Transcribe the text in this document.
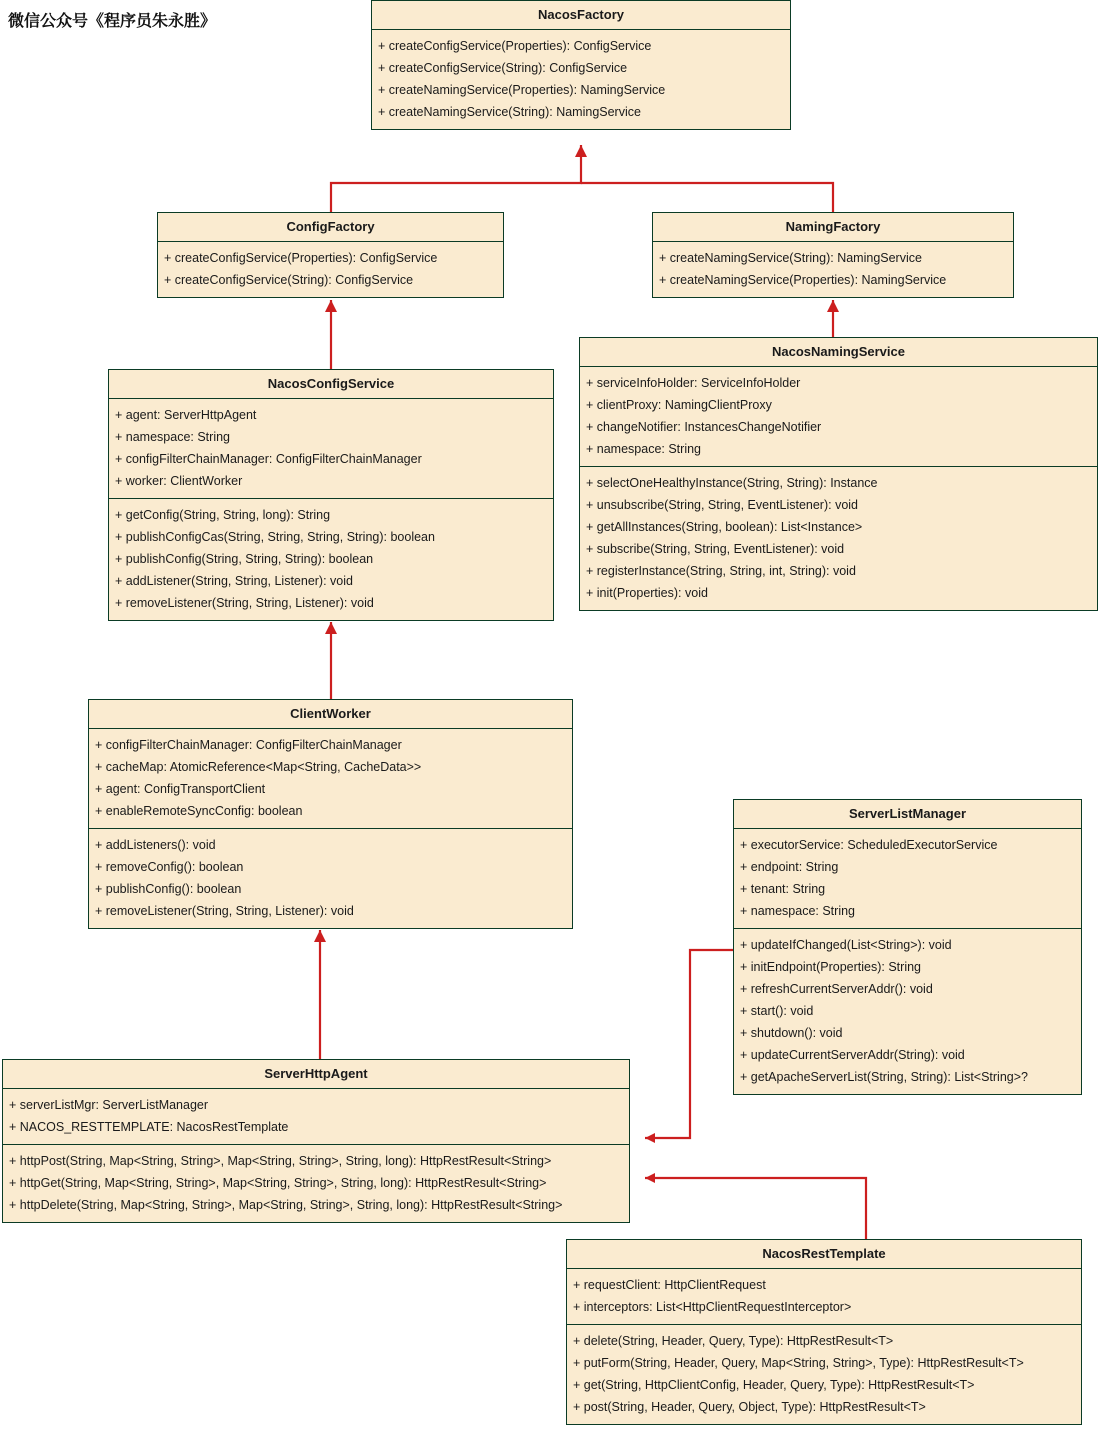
微信公众号《程序员朱永胜》	NacosFactory
+ createConfigService(Properties): ConfigService
+ createConfigService(String): ConfigService
+ createNamingService(Properties): NamingService
+ createNamingService(String): NamingService
ConfigFactory
+ createConfigService(Properties): ConfigService
+ createConfigService(String): ConfigService
NamingFactory
+ createNamingService(String): NamingService
+ createNamingService(Properties): NamingService
NacosConfigService
+ agent: ServerHttpAgent
+ namespace: String
+ configFilterChainManager: ConfigFilterChainManager
+ worker: ClientWorker
+ getConfig(String, String, long): String
+ publishConfigCas(String, String, String, String): boolean
+ publishConfig(String, String, String): boolean
+ addListener(String, String, Listener): void
+ removeListener(String, String, Listener): void
NacosNamingService
+ serviceInfoHolder: ServiceInfoHolder
+ clientProxy: NamingClientProxy
+ changeNotifier: InstancesChangeNotifier
+ namespace: String
+ selectOneHealthyInstance(String, String): Instance
+ unsubscribe(String, String, EventListener): void
+ getAllInstances(String, boolean): List<Instance>
+ subscribe(String, String, EventListener): void
+ registerInstance(String, String, int, String): void
+ init(Properties): void
ClientWorker
+ configFilterChainManager: ConfigFilterChainManager
+ cacheMap: AtomicReference<Map<String, CacheData>>
+ agent: ConfigTransportClient
+ enableRemoteSyncConfig: boolean
+ addListeners(): void
+ removeConfig(): boolean
+ publishConfig(): boolean
+ removeListener(String, String, Listener): void
ServerListManager
+ executorService: ScheduledExecutorService
+ endpoint: String
+ tenant: String
+ namespace: String
+ updateIfChanged(List<String>): void
+ initEndpoint(Properties): String
+ refreshCurrentServerAddr(): void
+ start(): void
+ shutdown(): void
+ updateCurrentServerAddr(String): void
+ getApacheServerList(String, String): List<String>?
ServerHttpAgent
+ serverListMgr: ServerListManager
+ NACOS_RESTTEMPLATE: NacosRestTemplate
+ httpPost(String, Map<String, String>, Map<String, String>, String, long): HttpRestResult<String>
+ httpGet(String, Map<String, String>, Map<String, String>, String, long): HttpRestResult<String>
+ httpDelete(String, Map<String, String>, Map<String, String>, String, long): HttpRestResult<String>
NacosRestTemplate
+ requestClient: HttpClientRequest
+ interceptors: List<HttpClientRequestInterceptor>
+ delete(String, Header, Query, Type): HttpRestResult<T>
+ putForm(String, Header, Query, Map<String, String>, Type): HttpRestResult<T>
+ get(String, HttpClientConfig, Header, Query, Type): HttpRestResult<T>
+ post(String, Header, Query, Object, Type): HttpRestResult<T>
